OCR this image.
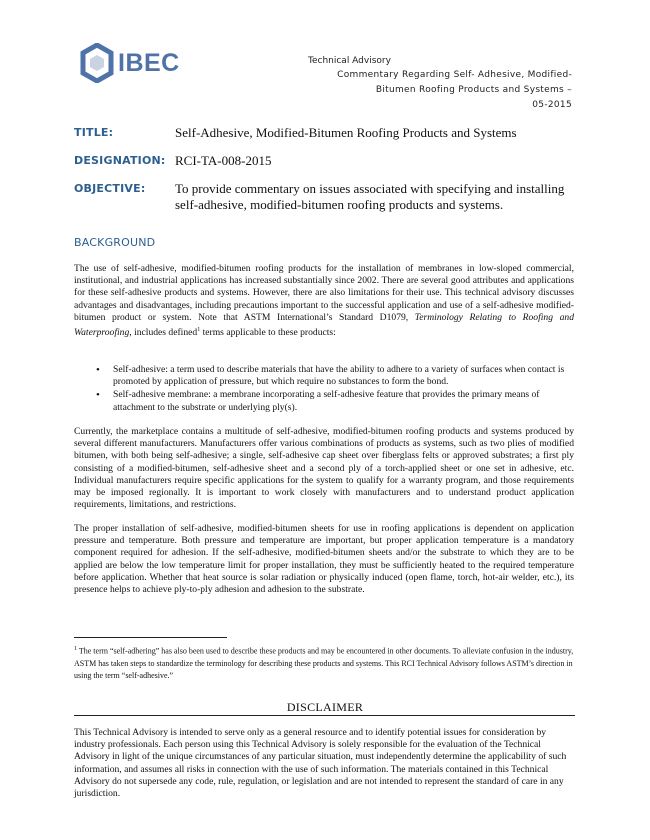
IBEC	Technical Advisory
Commentary Regarding Self- Adhesive, Modified-
Bitumen Roofing Products and Systems –
05-2015
TITLE:	Self-Adhesive, Modified-Bitumen Roofing Products and Systems
DESIGNATION: RCI-TA-008-2015
OBJECTIVE: To provide commentary on issues associated with specifying and installing self-adhesive, modified-bitumen roofing products and systems.
BACKGROUND

The use of self-adhesive, modified-bitumen roofing products for the installation of membranes in low-sloped commercial, institutional, and industrial applications has increased substantially since 2002. There are several good attributes and applications for these self-adhesive products and systems. However, there are also limitations for their use. This technical advisory discusses advantages and disadvantages, including precautions important to the successful application and use of a self-adhesive modified-bitumen product or system. Note that ASTM International’s Standard D1079, Terminology Relating to Roofing and Waterproofing, includes defined$^1$ terms applicable to these products:

• Self-adhesive: a term used to describe materials that have the ability to adhere to a variety of surfaces when contact is promoted by application of pressure, but which require no substances to form the bond.
• Self-adhesive membrane: a membrane incorporating a self-adhesive feature that provides the primary means of attachment to the substrate or underlying ply(s).

Currently, the marketplace contains a multitude of self-adhesive, modified-bitumen roofing products and systems produced by several different manufacturers. Manufacturers offer various combinations of products as systems, such as two plies of modified bitumen, with both being self-adhesive; a single, self-adhesive cap sheet over fiberglass felts or approved substrates; a first ply consisting of a modified-bitumen, self-adhesive sheet and a second ply of a torch-applied sheet or one set in adhesive, etc. Individual manufacturers require specific applications for the system to qualify for a warranty program, and those requirements may be imposed regionally. It is important to work closely with manufacturers and to understand product application requirements, limitations, and restrictions.

The proper installation of self-adhesive, modified-bitumen sheets for use in roofing applications is dependent on application pressure and temperature. Both pressure and temperature are important, but proper application temperature is a mandatory component required for adhesion. If the self-adhesive, modified-bitumen sheets and/or the substrate to which they are to be applied are below the low temperature limit for proper installation, they must be sufficiently heated to the required temperature before application. Whether that heat source is solar radiation or physically induced (open flame, torch, hot-air welder, etc.), its presence helps to achieve ply-to-ply adhesion and adhesion to the substrate.

$^1$ The term “self-adhering” has also been used to describe these products and may be encountered in other documents. To alleviate confusion in the industry, ASTM has taken steps to standardize the terminology for describing these products and systems. This RCI Technical Advisory follows ASTM’s direction in using the term “self-adhesive.”

DISCLAIMER

This Technical Advisory is intended to serve only as a general resource and to identify potential issues for consideration by industry professionals. Each person using this Technical Advisory is solely responsible for the evaluation of the Technical Advisory in light of the unique circumstances of any particular situation, must independently determine the applicability of such information, and assumes all risks in connection with the use of such information. The materials contained in this Technical Advisory do not supersede any code, rule, regulation, or legislation and are not intended to represent the standard of care in any jurisdiction.
